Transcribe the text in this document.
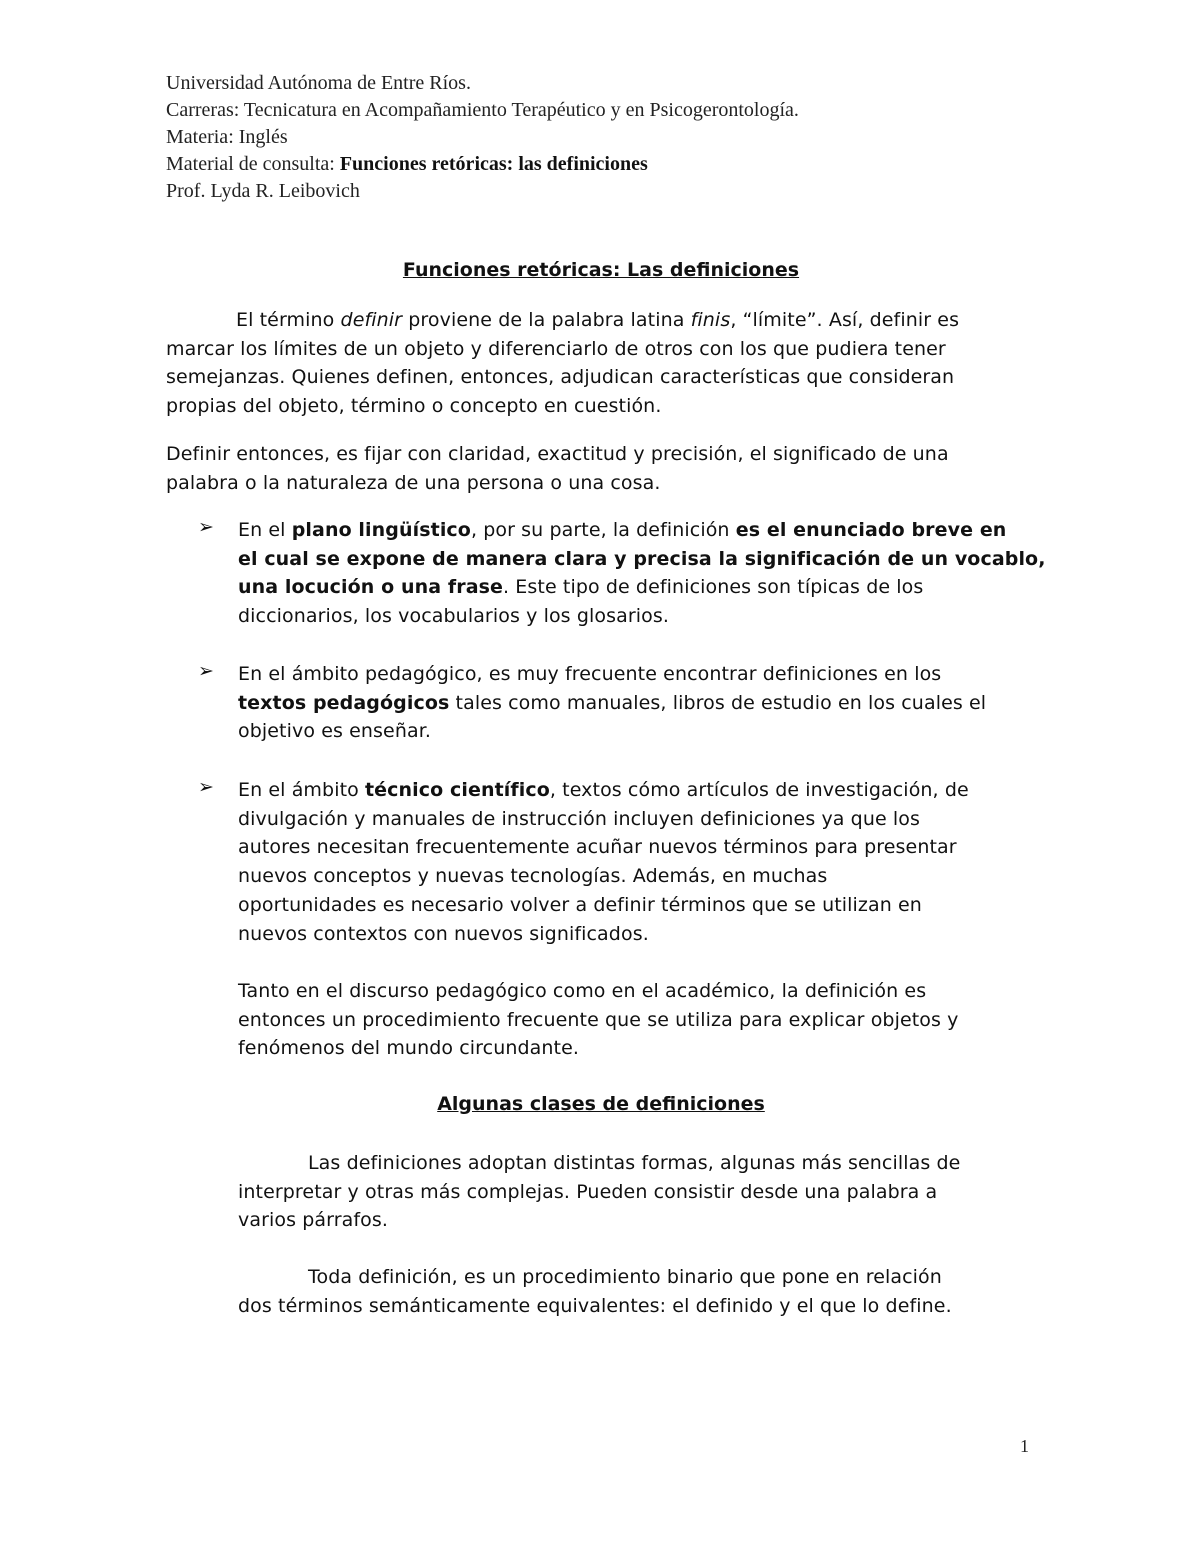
Universidad Autónoma de Entre Ríos.
Carreras: Tecnicatura en Acompañamiento Terapéutico y en Psicogerontología.
Materia: Inglés
Material de consulta: Funciones retóricas: las definiciones
Prof. Lyda R. Leibovich
Funciones retóricas: Las definiciones
El término definir proviene de la palabra latina finis, “límite”. Así, definir es
marcar los límites de un objeto y diferenciarlo de otros con los que pudiera tener
semejanzas. Quienes definen, entonces, adjudican características que consideran
propias del objeto, término o concepto en cuestión.
Definir entonces, es fijar con claridad, exactitud y precisión, el significado de una
palabra o la naturaleza de una persona o una cosa.
➢ En el plano lingüístico, por su parte, la definición es el enunciado breve en
el cual se expone de manera clara y precisa la significación de un vocablo,
una locución o una frase. Este tipo de definiciones son típicas de los
diccionarios, los vocabularios y los glosarios.
➢ En el ámbito pedagógico, es muy frecuente encontrar definiciones en los
textos pedagógicos tales como manuales, libros de estudio en los cuales el
objetivo es enseñar.
➢ En el ámbito técnico científico, textos cómo artículos de investigación, de
divulgación y manuales de instrucción incluyen definiciones ya que los
autores necesitan frecuentemente acuñar nuevos términos para presentar
nuevos conceptos y nuevas tecnologías. Además, en muchas
oportunidades es necesario volver a definir términos que se utilizan en
nuevos contextos con nuevos significados.
Tanto en el discurso pedagógico como en el académico, la definición es
entonces un procedimiento frecuente que se utiliza para explicar objetos y
fenómenos del mundo circundante.
Algunas clases de definiciones
Las definiciones adoptan distintas formas, algunas más sencillas de
interpretar y otras más complejas. Pueden consistir desde una palabra a
varios párrafos.
Toda definición, es un procedimiento binario que pone en relación
dos términos semánticamente equivalentes: el definido y el que lo define.
1
